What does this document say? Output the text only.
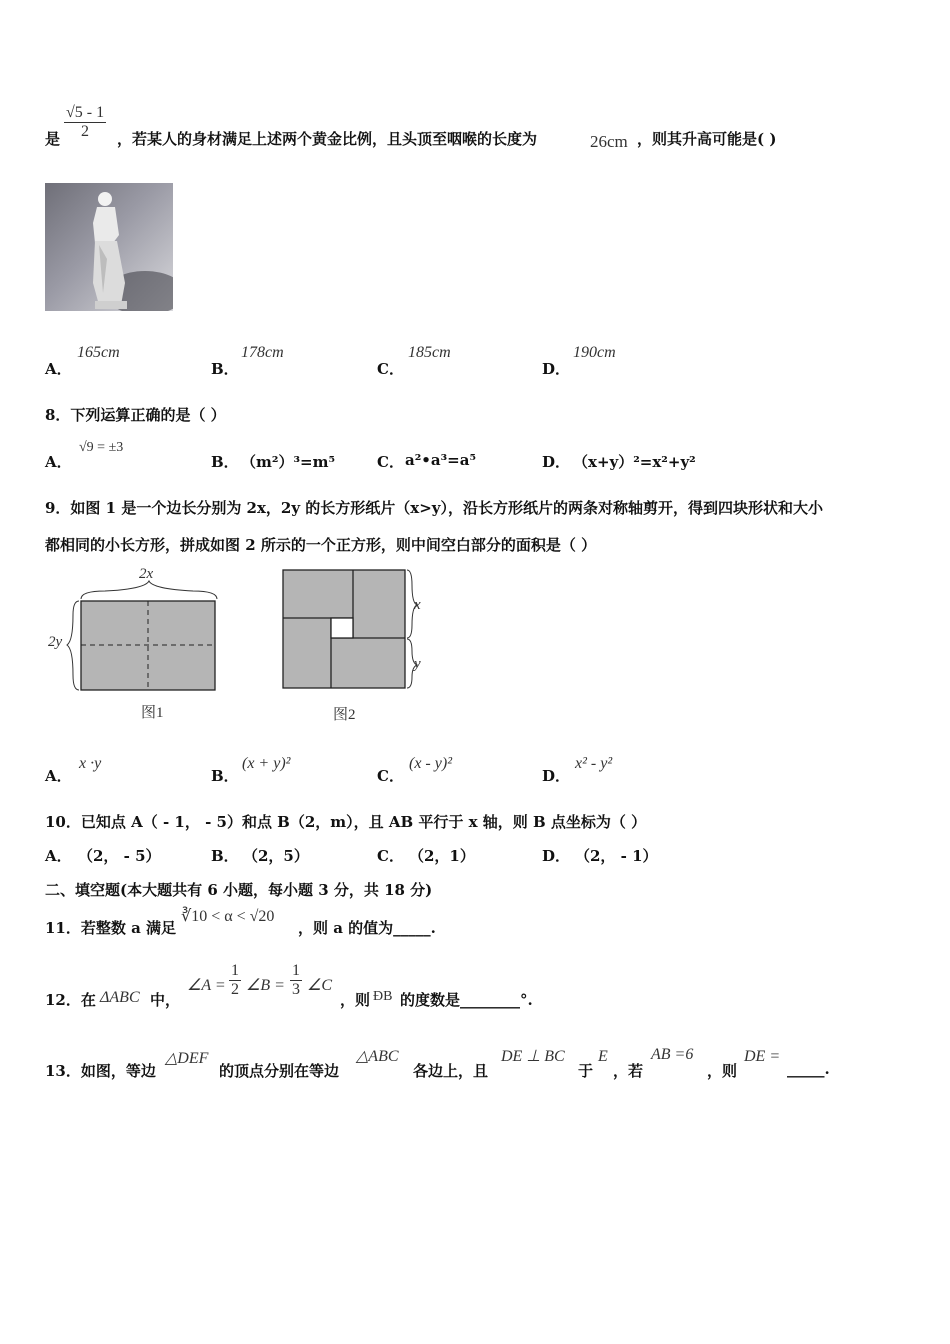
是 $\frac{√5 - 1}{2}$ ，若某人的身材满足上述两个黄金比例，且头顶至咽喉的长度为	26cm ，则其升高可能是( )
A．
165cm
B．
178cm
C．
185cm
D．
190cm
8．下列运算正确的是（ ）
A．
√9 = ±3
B． （m²）³=m⁵	C． a²•a³=a⁵	D． （x+y）²=x²+y²
9．如图 1 是一个边长分别为 2x，2y 的长方形纸片（x>y），沿长方形纸片的两条对称轴剪开，得到四块形状和大小
都相同的小长方形，拼成如图 2 所示的一个正方形，则中间空白部分的面积是（ ）
2x
2y
图1
x
y
图2
A．
x ·y
B．
(x + y)²
C．
(x - y)²
D．
x² - y²
10．已知点 A（ - 1， - 5）和点 B（2，m），且 AB 平行于 x 轴，则 B 点坐标为（ ）
A． （2， - 5）	B． （2，5）	C． （2，1）	D． （2， - 1）
二、填空题(本大题共有 6 小题，每小题 3 分，共 18 分)
11．若整数 a 满足
∛10 < α < √20
，则 a 的值为_____.
12．在 ΔABC 中，
∠A = $\frac{1}{2}$ ∠B = $\frac{1}{3}$ ∠C
，则 ÐB 的度数是________°.
13．如图，等边
△DEF
的顶点分别在等边
△ABC
各边上，且
DE ⊥ BC
于
E
，若
AB =6
，则
DE =
_____.
